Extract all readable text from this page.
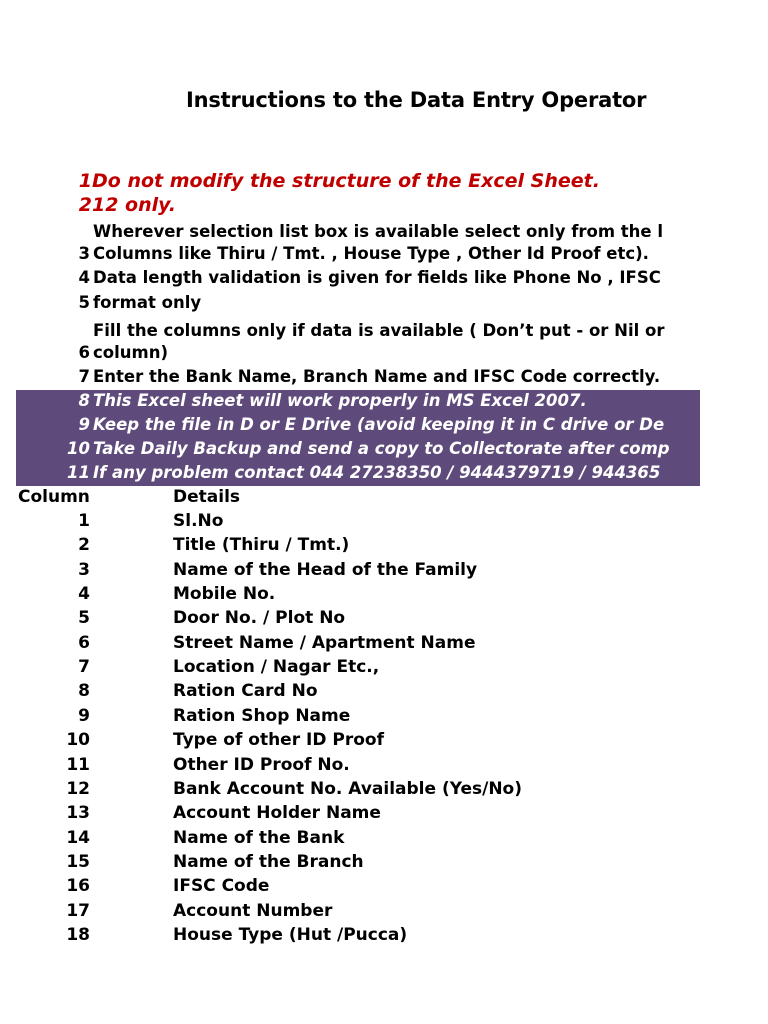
Instructions to the Data Entry Operator
1 Do not modify the structure of the Excel Sheet.
2 12 only.
Wherever selection list box is available select only from the l
3 Columns like Thiru / Tmt. , House Type , Other Id Proof etc).
4 Data length validation is given for fields like Phone No , IFSC
5 format only
Fill the columns only if data is available ( Don’t put - or Nil or
6 column)
7 Enter the Bank Name, Branch Name and IFSC Code correctly.
8 This Excel sheet will work properly in MS Excel 2007.
9 Keep the file in D or E Drive (avoid keeping it in C drive or De
10 Take Daily Backup and send a copy to Collectorate after comp
11 If any problem contact 044 27238350 / 9444379719 / 944365
Column	Details
1	Sl.No
2	Title (Thiru / Tmt.)
3	Name of the Head of the Family
4	Mobile No.
5	Door No. / Plot No
6	Street Name / Apartment Name
7	Location / Nagar Etc.,
8	Ration Card No
9	Ration Shop Name
10	Type of other ID Proof
11	Other ID Proof No.
12	Bank Account No. Available (Yes/No)
13	Account Holder Name
14	Name of the Bank
15	Name of the Branch
16	IFSC Code
17	Account Number
18	House Type (Hut /Pucca)
